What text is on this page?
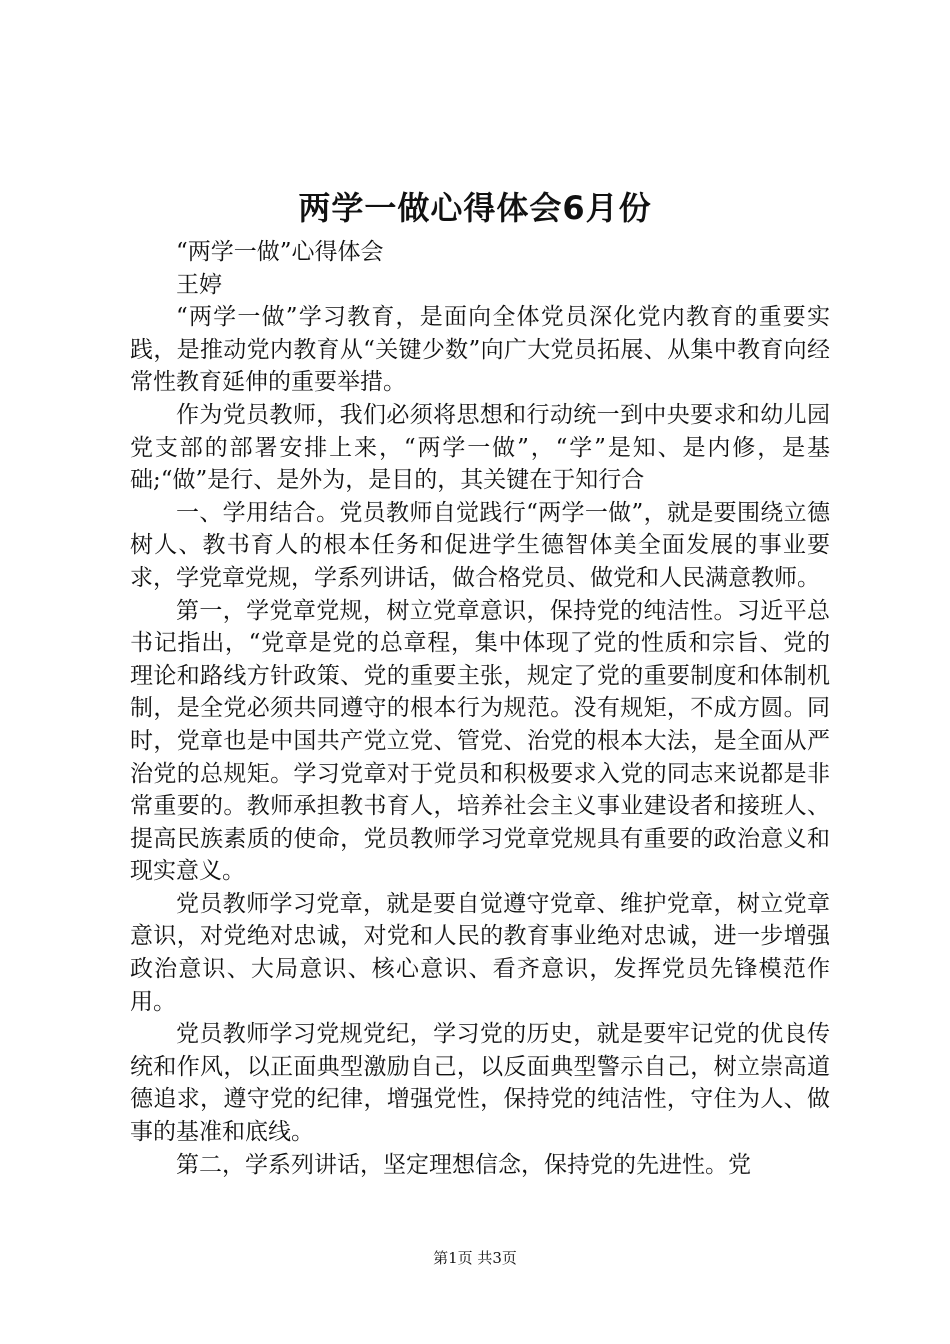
两学一做心得体会6月份

“两学一做”心得体会

王婷

“两学一做”学习教育，是面向全体党员深化党内教育的重要实践，是推动党内教育从“关键少数”向广大党员拓展、从集中教育向经常性教育延伸的重要举措。

作为党员教师，我们必须将思想和行动统一到中央要求和幼儿园党支部的部署安排上来，“两学一做”，“学”是知、是内修，是基础;“做”是行、是外为，是目的，其关键在于知行合

一、学用结合。党员教师自觉践行“两学一做”，就是要围绕立德树人、教书育人的根本任务和促进学生德智体美全面发展的事业要求，学党章党规，学系列讲话，做合格党员、做党和人民满意教师。

第一，学党章党规，树立党章意识，保持党的纯洁性。习近平总书记指出，“党章是党的总章程，集中体现了党的性质和宗旨、党的理论和路线方针政策、党的重要主张，规定了党的重要制度和体制机制，是全党必须共同遵守的根本行为规范。没有规矩，不成方圆。同时，党章也是中国共产党立党、管党、治党的根本大法，是全面从严治党的总规矩。学习党章对于党员和积极要求入党的同志来说都是非常重要的。教师承担教书育人，培养社会主义事业建设者和接班人、提高民族素质的使命，党员教师学习党章党规具有重要的政治意义和现实意义。

党员教师学习党章，就是要自觉遵守党章、维护党章，树立党章意识，对党绝对忠诚，对党和人民的教育事业绝对忠诚，进一步增强政治意识、大局意识、核心意识、看齐意识，发挥党员先锋模范作用。

党员教师学习党规党纪，学习党的历史，就是要牢记党的优良传统和作风，以正面典型激励自己，以反面典型警示自己，树立崇高道德追求，遵守党的纪律，增强党性，保持党的纯洁性，守住为人、做事的基准和底线。

第二，学系列讲话，坚定理想信念，保持党的先进性。党

第1页 共3页
